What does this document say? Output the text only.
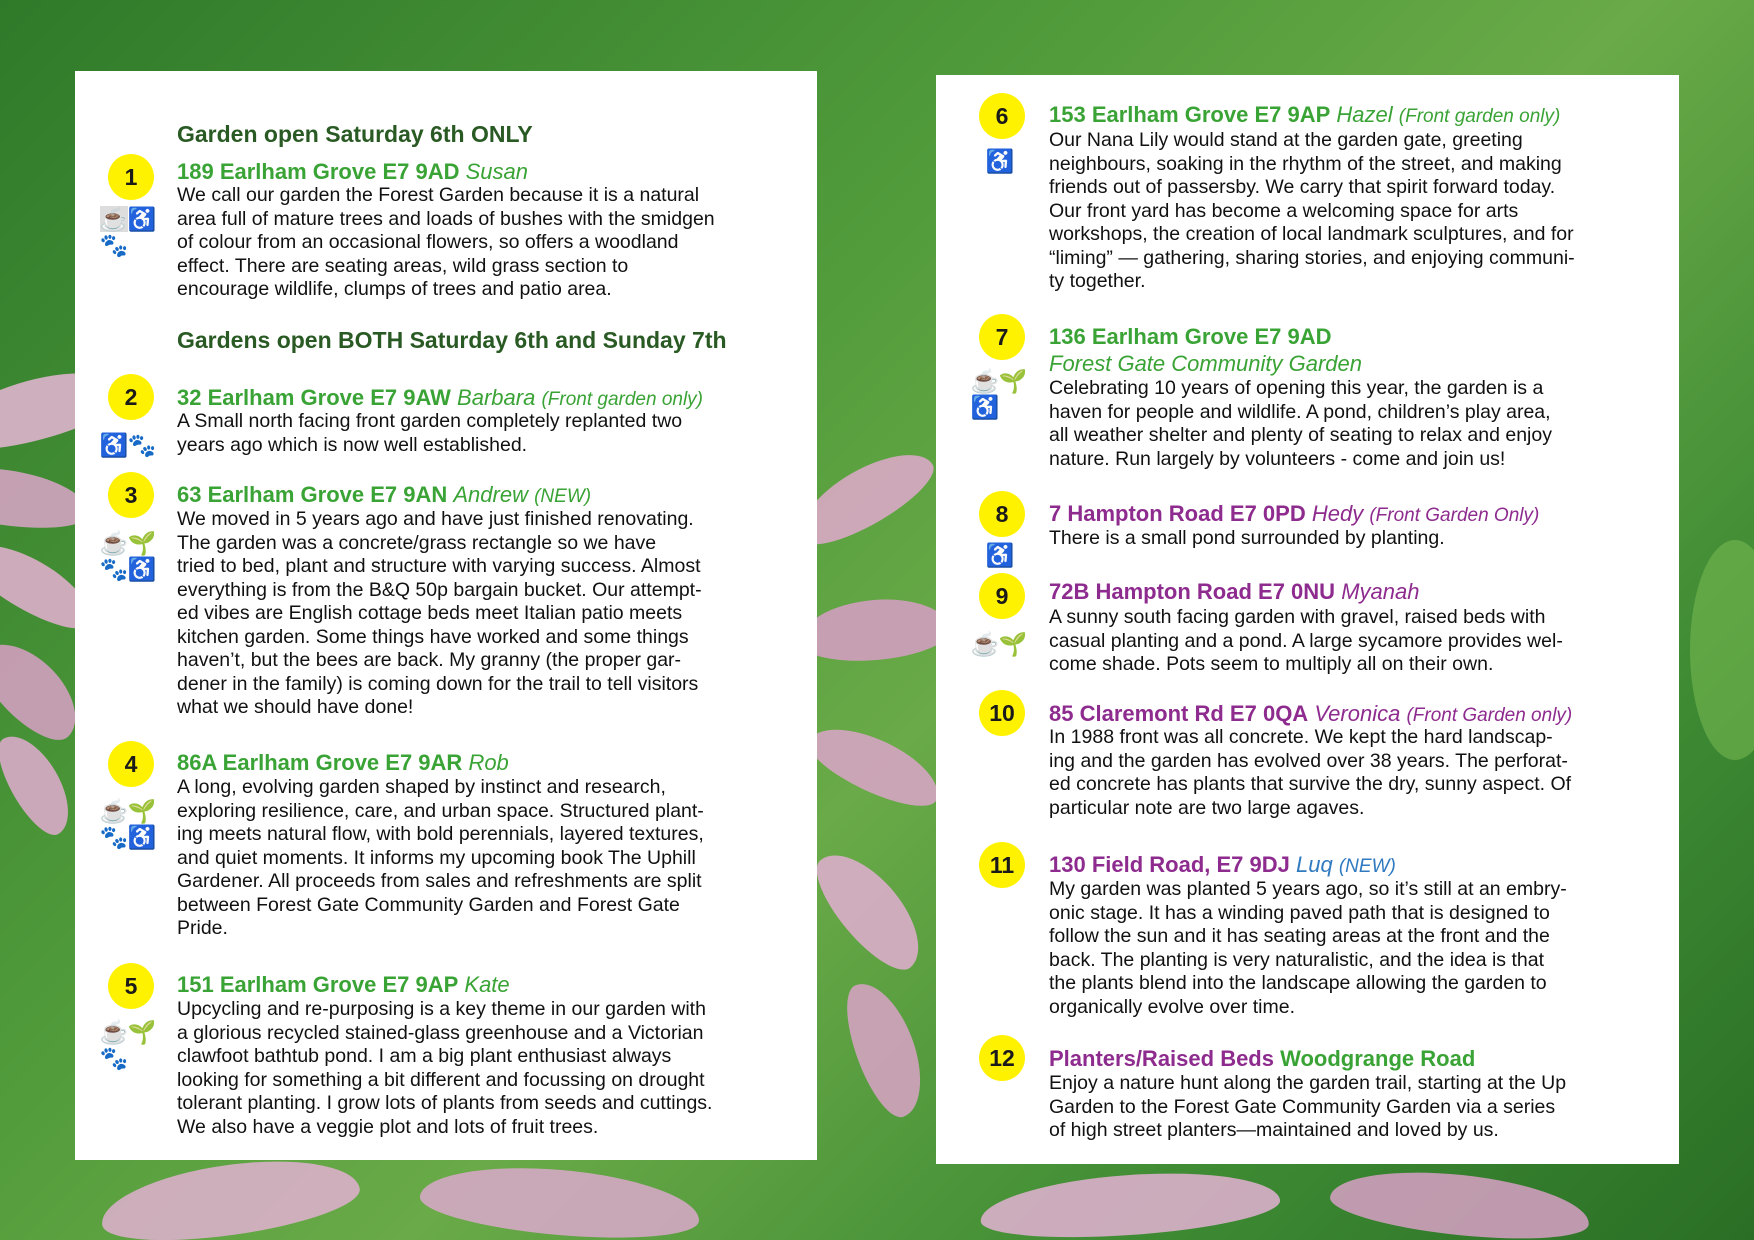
Garden open Saturday 6th ONLY
Gardens open BOTH Saturday 6th and Sunday 7th
1
☕♿🐾
189 Earlham Grove E7 9AD Susan
We call our garden the Forest Garden because it is a natural
area full of mature trees and loads of bushes with the smidgen
of colour from an occasional flowers, so offers a woodland
effect. There are seating areas, wild grass section to
encourage wildlife, clumps of trees and patio area.
2
♿🐾
32 Earlham Grove E7 9AW Barbara (Front garden only)
A Small north facing front garden completely replanted two
years ago which is now well established.
3
☕🌱🐾♿
63 Earlham Grove E7 9AN Andrew (NEW)
We moved in 5 years ago and have just finished renovating.
The garden was a concrete/grass rectangle so we have
tried to bed, plant and structure with varying success. Almost
everything is from the B&Q 50p bargain bucket. Our attempt-
ed vibes are English cottage beds meet Italian patio meets
kitchen garden. Some things have worked and some things
haven’t, but the bees are back. My granny (the proper gar-
dener in the family) is coming down for the trail to tell visitors
what we should have done!
4
☕🌱🐾♿
86A Earlham Grove E7 9AR Rob
A long, evolving garden shaped by instinct and research,
exploring resilience, care, and urban space. Structured plant-
ing meets natural flow, with bold perennials, layered textures,
and quiet moments. It informs my upcoming book The Uphill
Gardener. All proceeds from sales and refreshments are split
between Forest Gate Community Garden and Forest Gate
Pride.
5
☕🌱🐾
151 Earlham Grove E7 9AP Kate
Upcycling and re-purposing is a key theme in our garden with
a glorious recycled stained-glass greenhouse and a Victorian
clawfoot bathtub pond. I am a big plant enthusiast always
looking for something a bit different and focussing on drought
tolerant planting. I grow lots of plants from seeds and cuttings.
We also have a veggie plot and lots of fruit trees.
6
♿
153 Earlham Grove E7 9AP Hazel (Front garden only)
Our Nana Lily would stand at the garden gate, greeting
neighbours, soaking in the rhythm of the street, and making
friends out of passersby. We carry that spirit forward today.
Our front yard has become a welcoming space for arts
workshops, the creation of local landmark sculptures, and for
“liming” — gathering, sharing stories, and enjoying communi-
ty together.
7
☕🌱♿
136 Earlham Grove E7 9AD
Forest Gate Community Garden
Celebrating 10 years of opening this year, the garden is a
haven for people and wildlife. A pond, children’s play area,
all weather shelter and plenty of seating to relax and enjoy
nature. Run largely by volunteers - come and join us!
8
♿
7 Hampton Road E7 0PD Hedy (Front Garden Only)
There is a small pond surrounded by planting.
9
☕🌱
72B Hampton Road E7 0NU Myanah
A sunny south facing garden with gravel, raised beds with
casual planting and a pond. A large sycamore provides wel-
come shade. Pots seem to multiply all on their own.
10	85 Claremont Rd E7 0QA Veronica (Front Garden only)
In 1988 front was all concrete. We kept the hard landscap-
ing and the garden has evolved over 38 years. The perforat-
ed concrete has plants that survive the dry, sunny aspect. Of
particular note are two large agaves.
11	130 Field Road, E7 9DJ Luq (NEW)
My garden was planted 5 years ago, so it’s still at an embry-
onic stage. It has a winding paved path that is designed to
follow the sun and it has seating areas at the front and the
back. The planting is very naturalistic, and the idea is that
the plants blend into the landscape allowing the garden to
organically evolve over time.
12	Planters/Raised Beds Woodgrange Road
Enjoy a nature hunt along the garden trail, starting at the Up
Garden to the Forest Gate Community Garden via a series
of high street planters—maintained and loved by us.
